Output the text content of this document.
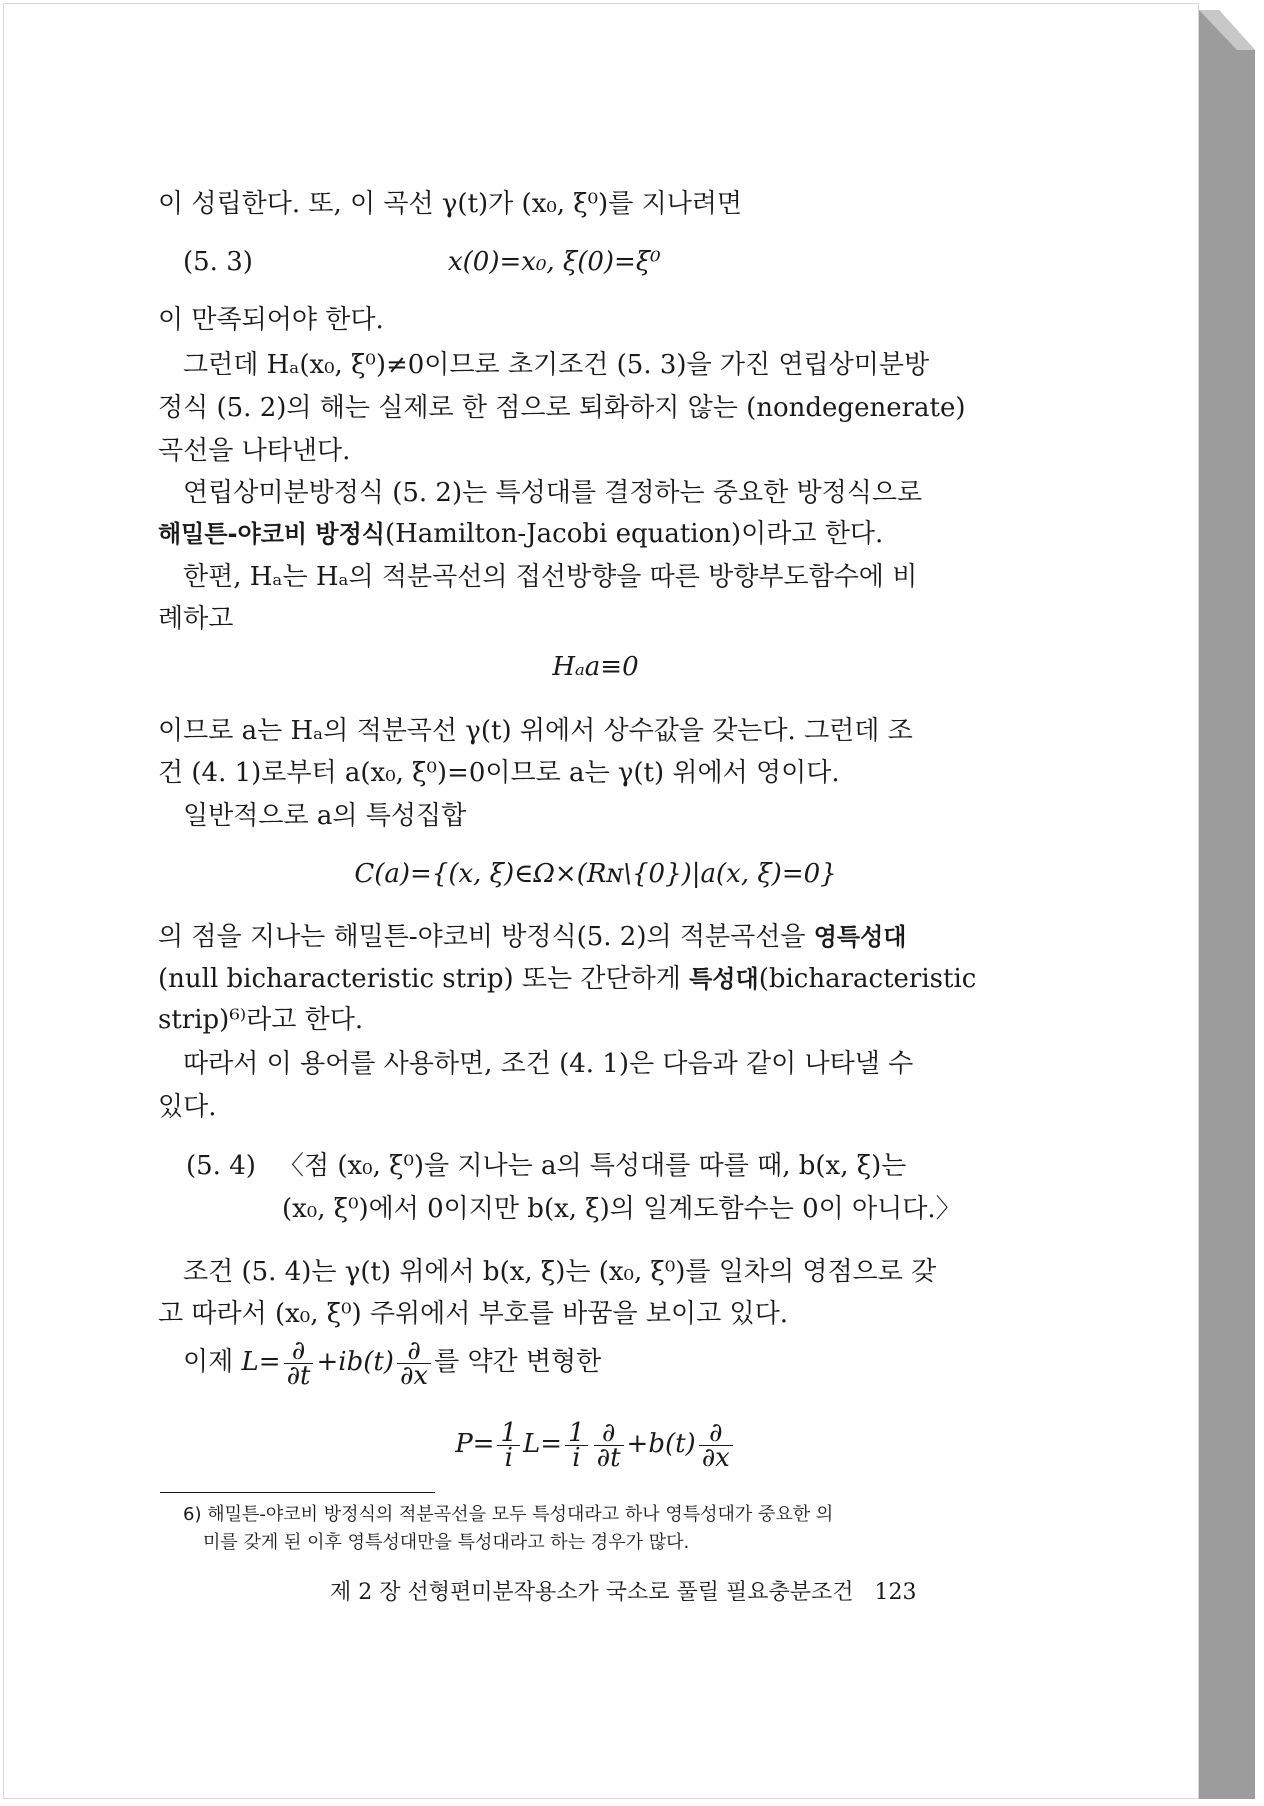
이 성립한다. 또, 이 곡선 γ(t)가 (x₀, ξ⁰)를 지나려면
(5. 3)	x(0)=x₀, ξ(0)=ξ⁰
이 만족되어야 한다.
그런데 Hₐ(x₀, ξ⁰)≠0이므로 초기조건 (5. 3)을 가진 연립상미분방
정식 (5. 2)의 해는 실제로 한 점으로 퇴화하지 않는 (nondegenerate)
곡선을 나타낸다.
연립상미분방정식 (5. 2)는 특성대를 결정하는 중요한 방정식으로
해밀튼-야코비 방정식(Hamilton-Jacobi equation)이라고 한다.
한편, Hₐ는 Hₐ의 적분곡선의 접선방향을 따른 방향부도함수에 비
례하고
Hₐa≡0
이므로 a는 Hₐ의 적분곡선 γ(t) 위에서 상수값을 갖는다. 그런데 조
건 (4. 1)로부터 a(x₀, ξ⁰)=0이므로 a는 γ(t) 위에서 영이다.
일반적으로 a의 특성집합
C(a)={(x, ξ)∈Ω×(Rɴ\{0})|a(x, ξ)=0}
의 점을 지나는 해밀튼-야코비 방정식(5. 2)의 적분곡선을 영특성대
(null bicharacteristic strip) 또는 간단하게 특성대(bicharacteristic
strip)⁶⁾라고 한다.
따라서 이 용어를 사용하면, 조건 (4. 1)은 다음과 같이 나타낼 수
있다.
(5. 4) 〈점 (x₀, ξ⁰)을 지나는 a의 특성대를 따를 때, b(x, ξ)는
(x₀, ξ⁰)에서 0이지만 b(x, ξ)의 일계도함수는 0이 아니다.〉
조건 (5. 4)는 γ(t) 위에서 b(x, ξ)는 (x₀, ξ⁰)를 일차의 영점으로 갖
고 따라서 (x₀, ξ⁰) 주위에서 부호를 바꿈을 보이고 있다.
이제 $L= \frac{\partial}{\partial t} +ib(t) \frac{\partial}{\partial x}$ 를 약간 변형한
$P= \frac{1}{i} L= \frac{1}{i} \frac{\partial}{\partial t} +b(t) \frac{\partial}{\partial x}$
6) 해밀튼-야코비 방정식의 적분곡선을 모두 특성대라고 하나 영특성대가 중요한 의
미를 갖게 된 이후 영특성대만을 특성대라고 하는 경우가 많다.
제 2 장 선형편미분작용소가 국소로 풀릴 필요충분조건 123
